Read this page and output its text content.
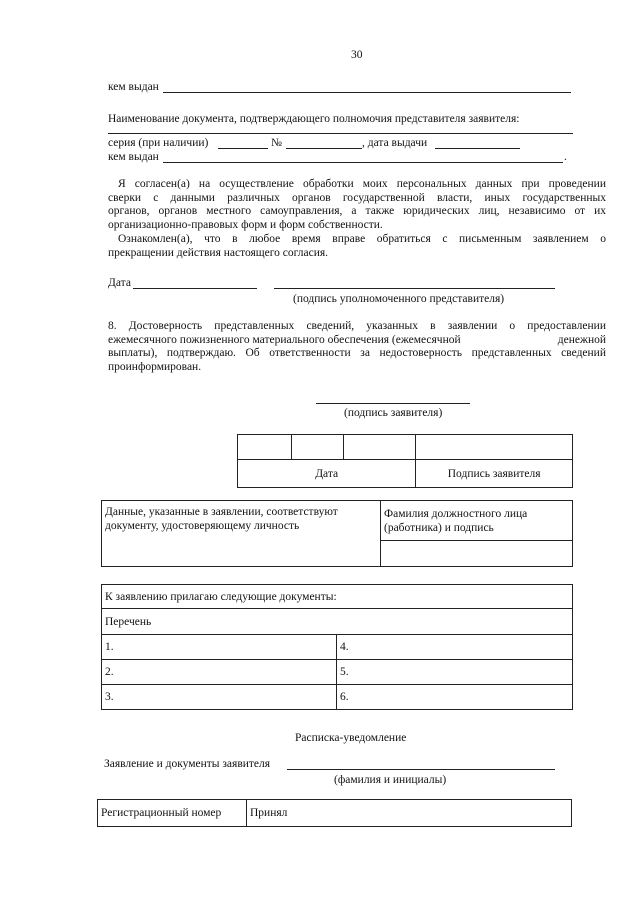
30
кем выдан
Наименование документа, подтверждающего полномочия представителя заявителя:
серия (при наличии)	№	, дата выдачи
кем выдан	.
Я согласен(а) на осуществление обработки моих персональных данных при проведении
сверки с данными различных органов государственной власти, иных государственных
органов, органов местного самоуправления, а также юридических лиц, независимо от их
организационно-правовых форм и форм собственности.
Ознакомлен(а), что в любое время вправе обратиться с письменным заявлением о
прекращении действия настоящего согласия.
Дата
(подпись уполномоченного представителя)
8. Достоверность представленных сведений, указанных в заявлении о предоставлении
ежемесячного пожизненного материального обеспечения (ежемесячной	денежной
выплаты), подтверждаю. Об ответственности за недостоверность представленных сведений
проинформирован.
(подпись заявителя)

Дата			Подпись заявителя
Данные, указанные в заявлении, соответствуют документу, удостоверяющему личность	Фамилия должностного лица (работника) и подпись

К заявлению прилагаю следующие документы:	
Перечень	
1.	4.
2.	5.
3.	6.
Расписка-уведомление
Заявление и документы заявителя
(фамилия и инициалы)
Регистрационный номер	Принял
